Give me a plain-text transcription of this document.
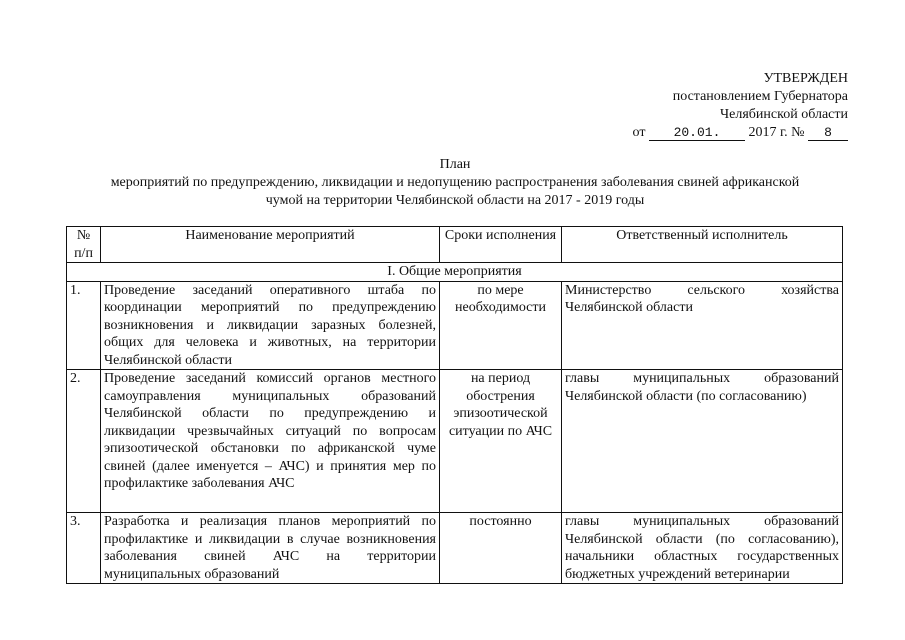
УТВЕРЖДЕН
постановлением Губернатора
Челябинской области
от 20.01. 2017 г. № 8
План
мероприятий по предупреждению, ликвидации и недопущению распространения заболевания свиней африканской
чумой на территории Челябинской области на 2017 - 2019 годы
№ п/п	Наименование мероприятий	Сроки исполнения	Ответственный исполнитель
I. Общие мероприятия			
1.	Проведение заседаний оперативного штаба по координации мероприятий по предупреждению возникновения и ликвидации заразных болезней, общих для человека и животных, на территории Челябинской области	по мере необходимости	Министерство сельского хозяйства Челябинской области
2.	Проведение заседаний комиссий органов местного самоуправления муниципальных образований Челябинской области по предупреждению и ликвидации чрезвычайных ситуаций по вопросам эпизоотической обстановки по африканской чуме свиней (далее именуется – АЧС) и принятия мер по профилактике заболевания АЧС	на период обострения эпизоотической ситуации по АЧС	главы муниципальных образований Челябинской области (по согласованию)
3.	Разработка и реализация планов мероприятий по профилактике и ликвидации в случае возникновения заболевания свиней АЧС на территории муниципальных образований	постоянно	главы муниципальных образований Челябинской области (по согласованию), начальники областных государственных бюджетных учреждений ветеринарии
